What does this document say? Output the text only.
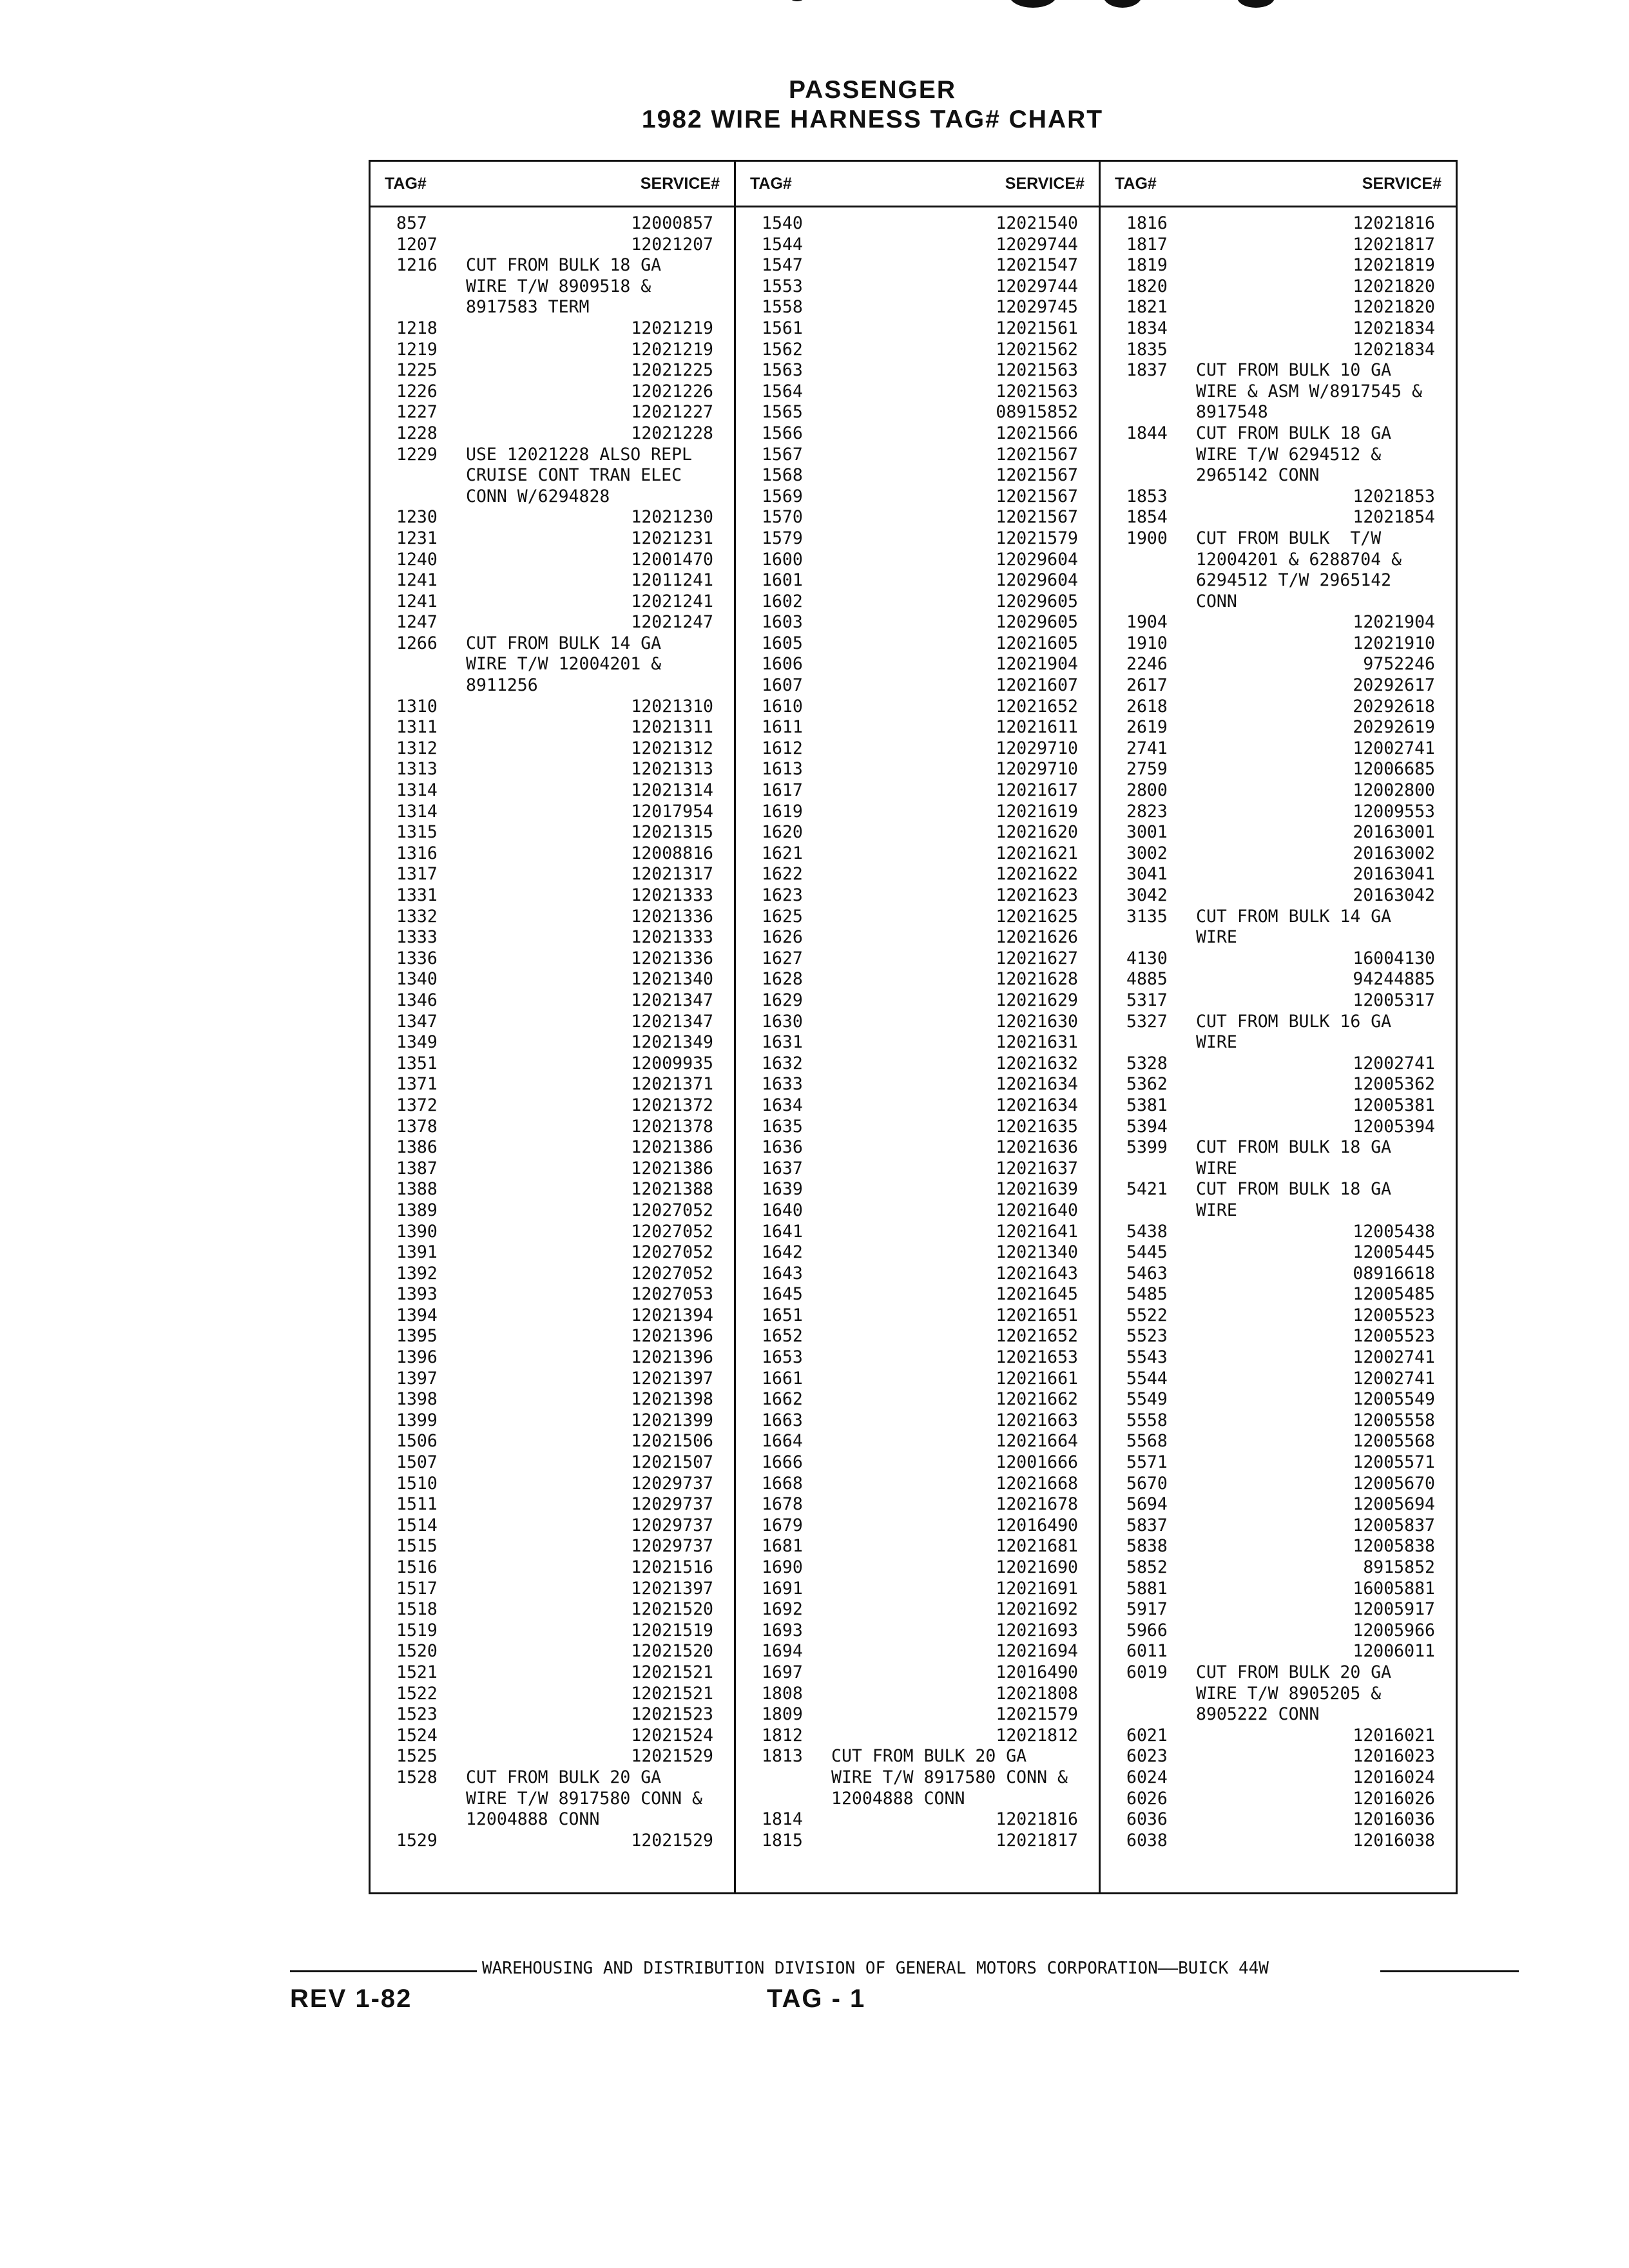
PASSENGER
1982 WIRE HARNESS TAG# CHART
TAG#	SERVICE#
857	12000857
1207	12021207
1216 CUT FROM BULK 18 GA
WIRE T/W 8909518 &
8917583 TERM
1218	12021219
1219	12021219
1225	12021225
1226	12021226
1227	12021227
1228	12021228
1229 USE 12021228 ALSO REPL
CRUISE CONT TRAN ELEC
CONN W/6294828
1230	12021230
1231	12021231
1240	12001470
1241	12011241
1241	12021241
1247	12021247
1266 CUT FROM BULK 14 GA
WIRE T/W 12004201 &
8911256
1310	12021310
1311	12021311
1312	12021312
1313	12021313
1314	12021314
1314	12017954
1315	12021315
1316	12008816
1317	12021317
1331	12021333
1332	12021336
1333	12021333
1336	12021336
1340	12021340
1346	12021347
1347	12021347
1349	12021349
1351	12009935
1371	12021371
1372	12021372
1378	12021378
1386	12021386
1387	12021386
1388	12021388
1389	12027052
1390	12027052
1391	12027052
1392	12027052
1393	12027053
1394	12021394
1395	12021396
1396	12021396
1397	12021397
1398	12021398
1399	12021399
1506	12021506
1507	12021507
1510	12029737
1511	12029737
1514	12029737
1515	12029737
1516	12021516
1517	12021397
1518	12021520
1519	12021519
1520	12021520
1521	12021521
1522	12021521
1523	12021523
1524	12021524
1525	12021529
1528 CUT FROM BULK 20 GA
WIRE T/W 8917580 CONN &
12004888 CONN
1529	12021529
TAG#	SERVICE#
1540	12021540
1544	12029744
1547	12021547
1553	12029744
1558	12029745
1561	12021561
1562	12021562
1563	12021563
1564	12021563
1565	08915852
1566	12021566
1567	12021567
1568	12021567
1569	12021567
1570	12021567
1579	12021579
1600	12029604
1601	12029604
1602	12029605
1603	12029605
1605	12021605
1606	12021904
1607	12021607
1610	12021652
1611	12021611
1612	12029710
1613	12029710
1617	12021617
1619	12021619
1620	12021620
1621	12021621
1622	12021622
1623	12021623
1625	12021625
1626	12021626
1627	12021627
1628	12021628
1629	12021629
1630	12021630
1631	12021631
1632	12021632
1633	12021634
1634	12021634
1635	12021635
1636	12021636
1637	12021637
1639	12021639
1640	12021640
1641	12021641
1642	12021340
1643	12021643
1645	12021645
1651	12021651
1652	12021652
1653	12021653
1661	12021661
1662	12021662
1663	12021663
1664	12021664
1666	12001666
1668	12021668
1678	12021678
1679	12016490
1681	12021681
1690	12021690
1691	12021691
1692	12021692
1693	12021693
1694	12021694
1697	12016490
1808	12021808
1809	12021579
1812	12021812
1813 CUT FROM BULK 20 GA
WIRE T/W 8917580 CONN &
12004888 CONN
1814	12021816
1815	12021817
TAG#	SERVICE#
1816	12021816
1817	12021817
1819	12021819
1820	12021820
1821	12021820
1834	12021834
1835	12021834
1837 CUT FROM BULK 10 GA
WIRE & ASM W/8917545 &
8917548
1844 CUT FROM BULK 18 GA
WIRE T/W 6294512 &
2965142 CONN
1853	12021853
1854	12021854
1900 CUT FROM BULK  T/W
12004201 & 6288704 &
6294512 T/W 2965142
CONN
1904	12021904
1910	12021910
2246	9752246
2617	20292617
2618	20292618
2619	20292619
2741	12002741
2759	12006685
2800	12002800
2823	12009553
3001	20163001
3002	20163002
3041	20163041
3042	20163042
3135 CUT FROM BULK 14 GA
WIRE
4130	16004130
4885	94244885
5317	12005317
5327 CUT FROM BULK 16 GA
WIRE
5328	12002741
5362	12005362
5381	12005381
5394	12005394
5399 CUT FROM BULK 18 GA
WIRE
5421 CUT FROM BULK 18 GA
WIRE
5438	12005438
5445	12005445
5463	08916618
5485	12005485
5522	12005523
5523	12005523
5543	12002741
5544	12002741
5549	12005549
5558	12005558
5568	12005568
5571	12005571
5670	12005670
5694	12005694
5837	12005837
5838	12005838
5852	8915852
5881	16005881
5917	12005917
5966	12005966
6011	12006011
6019 CUT FROM BULK 20 GA
WIRE T/W 8905205 &
8905222 CONN
6021	12016021
6023	12016023
6024	12016024
6026	12016026
6036	12016036
6038	12016038
WAREHOUSING AND DISTRIBUTION DIVISION OF GENERAL MOTORS CORPORATION——BUICK 44W
REV 1-82	TAG - 1
